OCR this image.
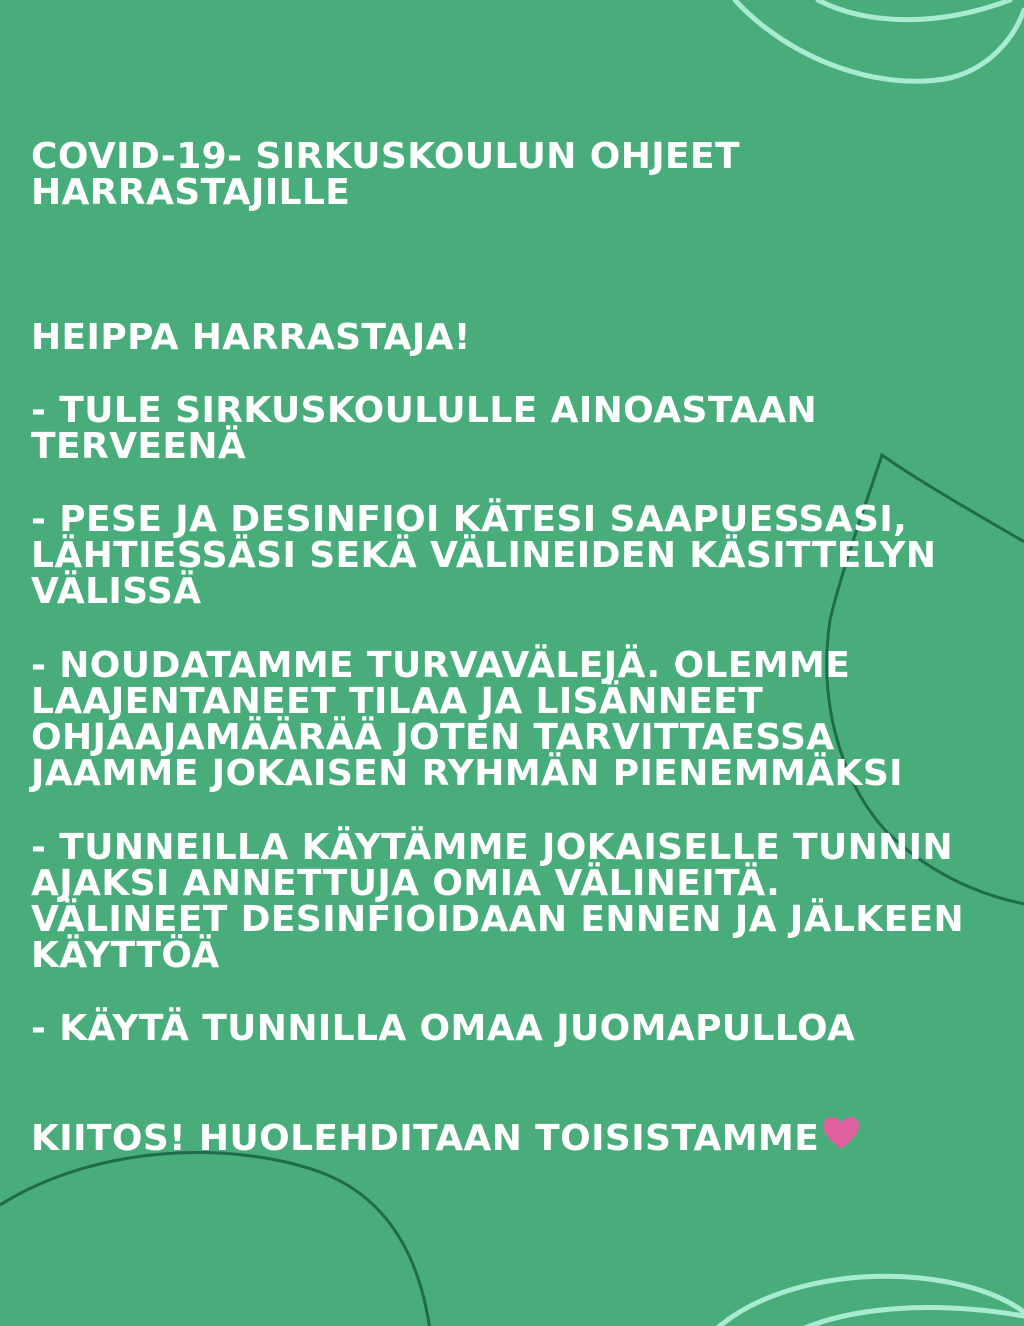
COVID-19- SIRKUSKOULUN OHJEET
HARRASTAJILLE
HEIPPA HARRASTAJA!
- TULE SIRKUSKOULULLE AINOASTAAN
TERVEENÄ
- PESE JA DESINFIOI KÄTESI SAAPUESSASI,
LÄHTIESSÄSI SEKÄ VÄLINEIDEN KÄSITTELYN
VÄLISSÄ
- NOUDATAMME TURVAVÄLEJÄ. OLEMME
LAAJENTANEET TILAA JA LISÄNNEET
OHJAAJAMÄÄRÄÄ JOTEN TARVITTAESSA
JAAMME JOKAISEN RYHMÄN PIENEMMÄKSI
- TUNNEILLA KÄYTÄMME JOKAISELLE TUNNIN
AJAKSI ANNETTUJA OMIA VÄLINEITÄ.
VÄLINEET DESINFIOIDAAN ENNEN JA JÄLKEEN
KÄYTTÖÄ
- KÄYTÄ TUNNILLA OMAA JUOMAPULLOA
KIITOS! HUOLEHDITAAN TOISISTAMME
